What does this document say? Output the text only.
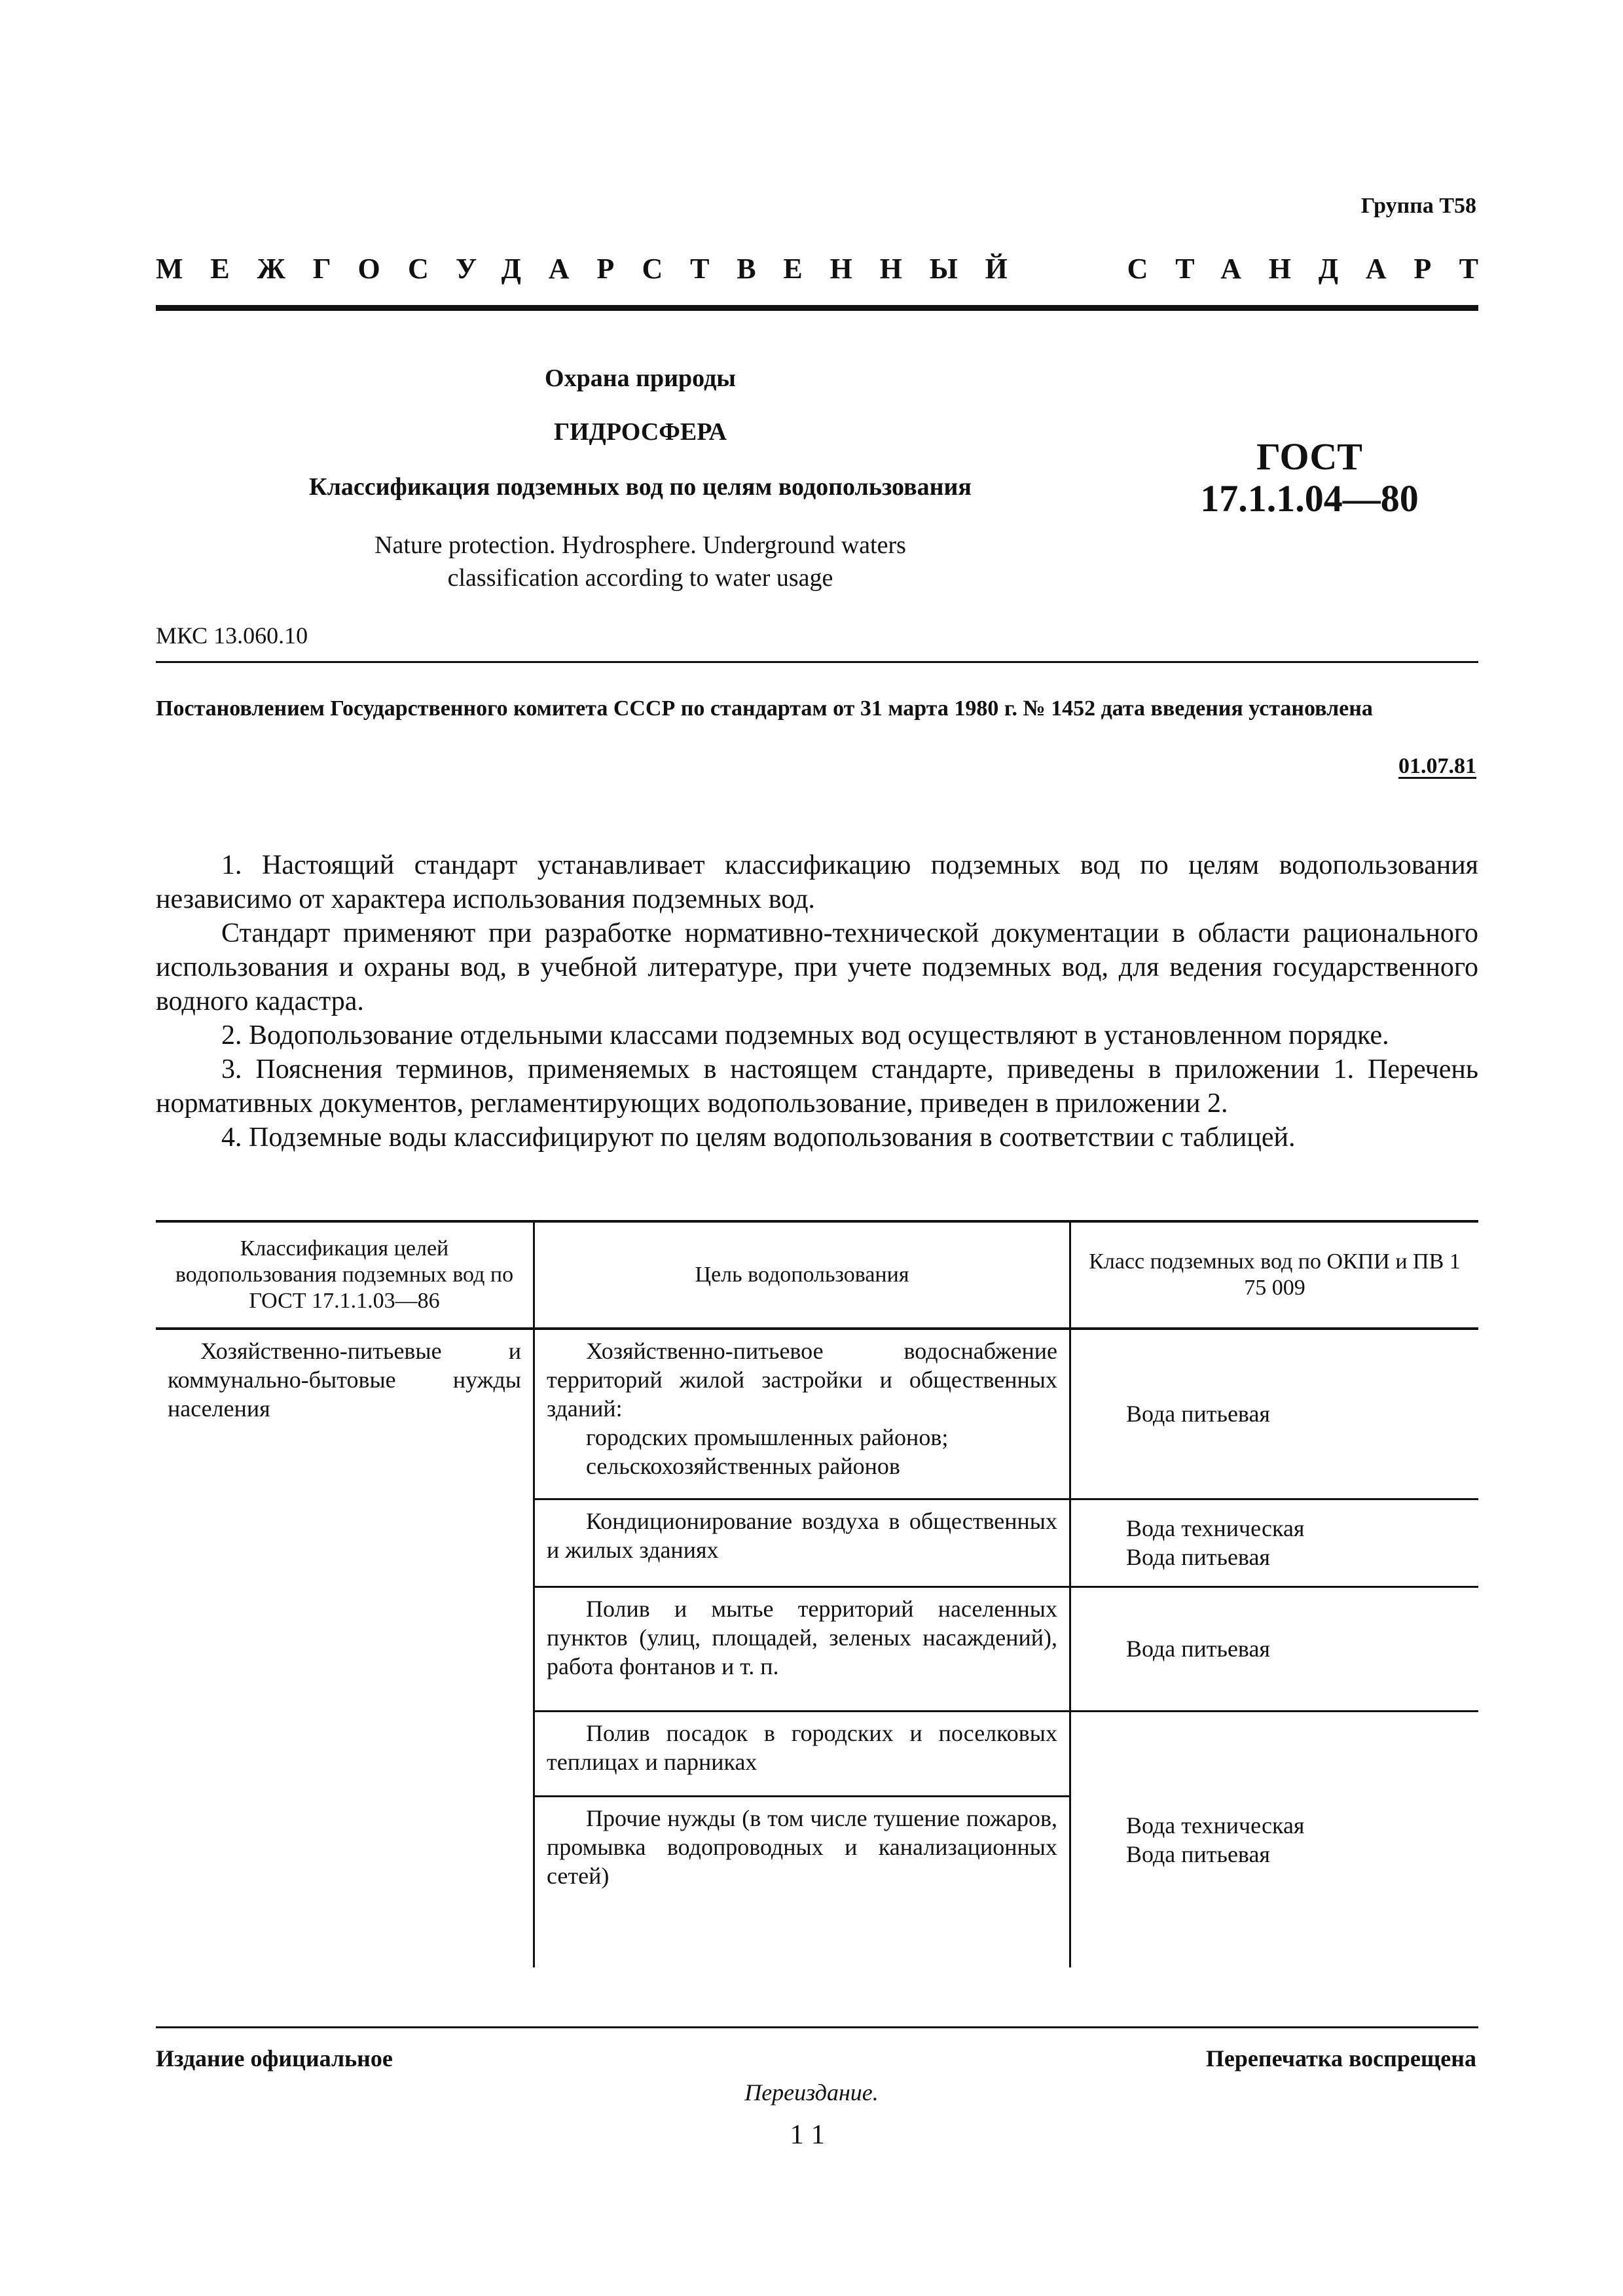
Группа Т58
МЕЖГОСУДАРСТВЕННЫЙ	СТАНДАРТ
Охрана природы
ГИДРОСФЕРА
Классификация подземных вод по целям водопользования
Nature protection. Hydrosphere. Underground waters
classification according to water usage
ГОСТ
17.1.1.04—80
МКС 13.060.10
Постановлением Государственного комитета СССР по стандартам от 31 марта 1980 г. № 1452 дата введения установлена
01.07.81

1. Настоящий стандарт устанавливает классификацию подземных вод по целям водопользования независимо от характера использования подземных вод.

Стандарт применяют при разработке нормативно-технической документации в области рационального использования и охраны вод, в учебной литературе, при учете подземных вод, для ведения государственного водного кадастра.

2. Водопользование отдельными классами подземных вод осуществляют в установленном порядке.

3. Пояснения терминов, применяемых в настоящем стандарте, приведены в приложении 1. Перечень нормативных документов, регламентирующих водопользование, приведен в приложении 2.

4. Подземные воды классифицируют по целям водопользования в соответствии с таблицей.

Классификация целей водопользования подземных вод по ГОСТ 17.1.1.03—86	Цель водопользования	Класс подземных вод по ОКПИ и ПВ 1 75 009
Хозяйственно-питьевые и коммунально-бытовые нужды населения	Хозяйственно-питьевое водоснабжение территорий жилой застройки и общественных зданий:
городских промышленных районов;
сельскохозяйственных районов	Вода питьевая

	Кондиционирование воздуха в общественных и жилых зданиях	Вода техническая
Вода питьевая

	Полив и мытье территорий населенных пунктов (улиц, площадей, зеленых насаждений), работа фонтанов и т. п.	Вода питьевая

	Полив посадок в городских и поселковых теплицах и парниках	Вода техническая
Вода питьевая

	Прочие нужды (в том числе тушение пожаров, промывка водопроводных и канализационных сетей)	
Издание официальное	Перепечатка воспрещена
Переиздание.
11
